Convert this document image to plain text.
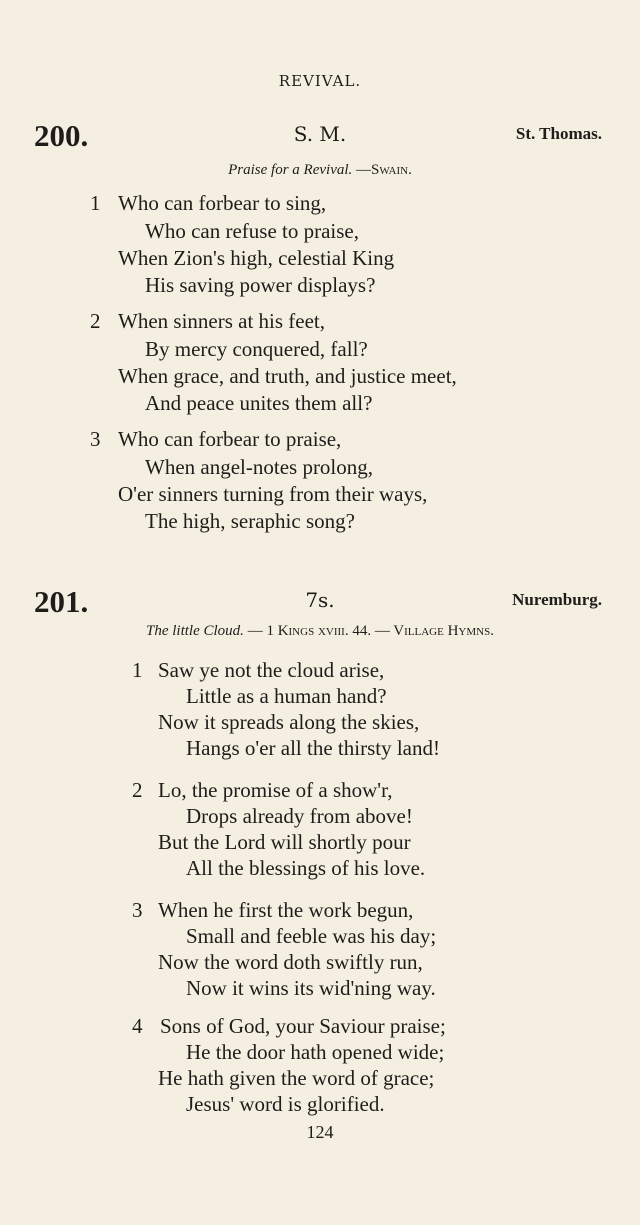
REVIVAL.
200.	S. M.	St. Thomas.
Praise for a Revival. —Swain.
1 Who can forbear to sing,
Who can refuse to praise,
When Zion's high, celestial King
His saving power displays?
2 When sinners at his feet,
By mercy conquered, fall?
When grace, and truth, and justice meet,
And peace unites them all?
3 Who can forbear to praise,
When angel-notes prolong,
O'er sinners turning from their ways,
The high, seraphic song?
201.	7s.	Nuremburg.
The little Cloud. — 1 Kings xviii. 44. — Village Hymns.
1 Saw ye not the cloud arise,
Little as a human hand?
Now it spreads along the skies,
Hangs o'er all the thirsty land!
2 Lo, the promise of a show'r,
Drops already from above!
But the Lord will shortly pour
All the blessings of his love.
3 When he first the work begun,
Small and feeble was his day;
Now the word doth swiftly run,
Now it wins its wid'ning way.
4 Sons of God, your Saviour praise;
He the door hath opened wide;
He hath given the word of grace;
Jesus' word is glorified.
124
